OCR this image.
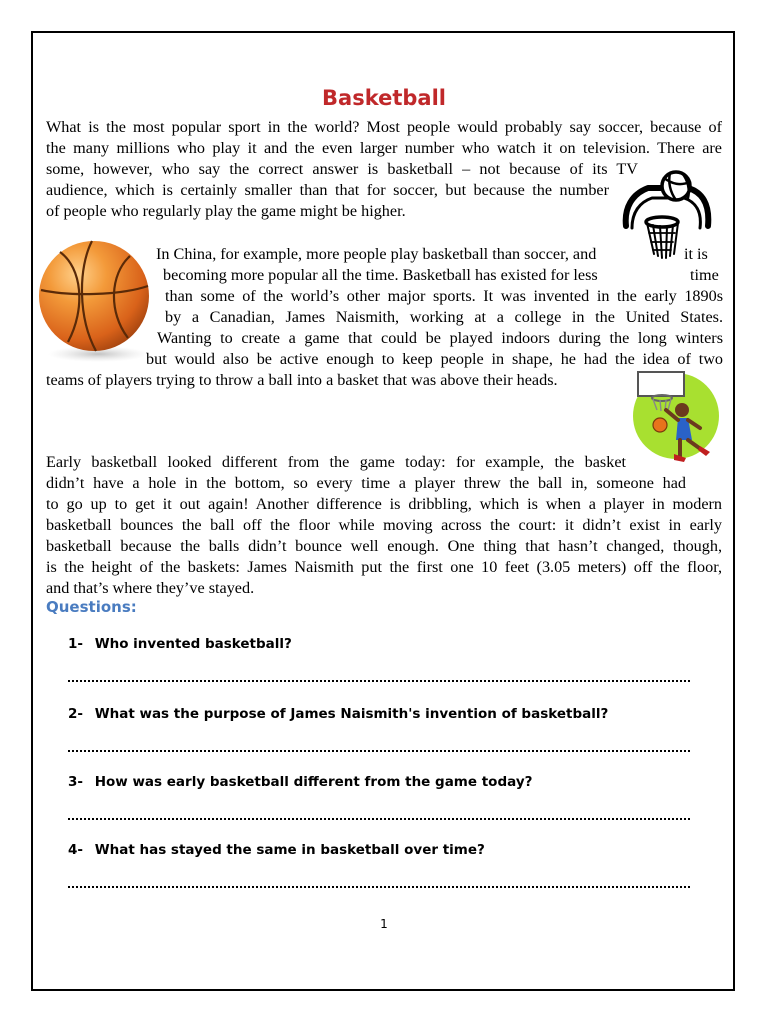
Basketball
What is the most popular sport in the world? Most people would probably say soccer, because of
the many millions who play it and the even larger number who watch it on television. There are
some, however, who say the correct answer is basketball – not because of its TV
audience, which is certainly smaller than that for soccer, but because the number
of people who regularly play the game might be higher.
In China, for example, more people play basketball than soccer, and	it is
becoming more popular all the time. Basketball has existed for less	time
than some of the world’s other major sports. It was invented in the early 1890s
by a Canadian, James Naismith, working at a college in the United States.
Wanting to create a game that could be played indoors during the long winters
but would also be active enough to keep people in shape, he had the idea of two
teams of players trying to throw a ball into a basket that was above their heads.
Early basketball looked different from the game today: for example, the basket
didn’t have a hole in the bottom, so every time a player threw the ball in, someone had
to go up to get it out again! Another difference is dribbling, which is when a player in modern
basketball bounces the ball off the floor while moving across the court: it didn’t exist in early
basketball because the balls didn’t bounce well enough. One thing that hasn’t changed, though,
is the height of the baskets: James Naismith put the first one 10 feet (3.05 meters) off the floor,
and that’s where they’ve stayed.
Questions:
1- Who invented basketball?
2- What was the purpose of James Naismith's invention of basketball?
3- How was early basketball different from the game today?
4- What has stayed the same in basketball over time?
1
